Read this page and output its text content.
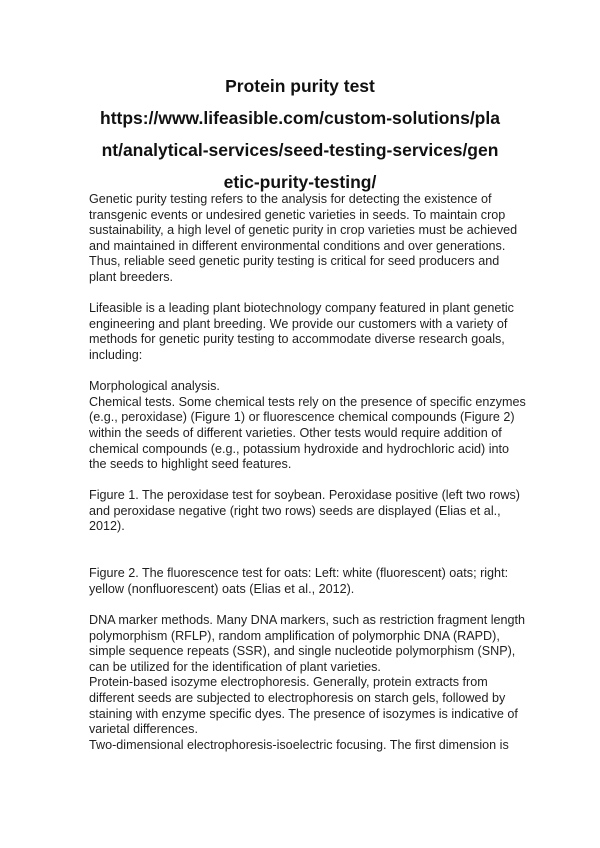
Protein purity test
https://www.lifeasible.com/custom-solutions/pla
nt/analytical-services/seed-testing-services/gen
etic-purity-testing/

Genetic purity testing refers to the analysis for detecting the existence of

transgenic events or undesired genetic varieties in seeds. To maintain crop

sustainability, a high level of genetic purity in crop varieties must be achieved

and maintained in different environmental conditions and over generations.

Thus, reliable seed genetic purity testing is critical for seed producers and

plant breeders.

Lifeasible is a leading plant biotechnology company featured in plant genetic

engineering and plant breeding. We provide our customers with a variety of

methods for genetic purity testing to accommodate diverse research goals,

including:

Morphological analysis.

Chemical tests. Some chemical tests rely on the presence of specific enzymes

(e.g., peroxidase) (Figure 1) or fluorescence chemical compounds (Figure 2)

within the seeds of different varieties. Other tests would require addition of

chemical compounds (e.g., potassium hydroxide and hydrochloric acid) into

the seeds to highlight seed features.

Figure 1. The peroxidase test for soybean. Peroxidase positive (left two rows)

and peroxidase negative (right two rows) seeds are displayed (Elias et al.,

2012).

Figure 2. The fluorescence test for oats: Left: white (fluorescent) oats; right:

yellow (nonfluorescent) oats (Elias et al., 2012).

DNA marker methods. Many DNA markers, such as restriction fragment length

polymorphism (RFLP), random amplification of polymorphic DNA (RAPD),

simple sequence repeats (SSR), and single nucleotide polymorphism (SNP),

can be utilized for the identification of plant varieties.

Protein-based isozyme electrophoresis. Generally, protein extracts from

different seeds are subjected to electrophoresis on starch gels, followed by

staining with enzyme specific dyes. The presence of isozymes is indicative of

varietal differences.

Two-dimensional electrophoresis-isoelectric focusing. The first dimension is
